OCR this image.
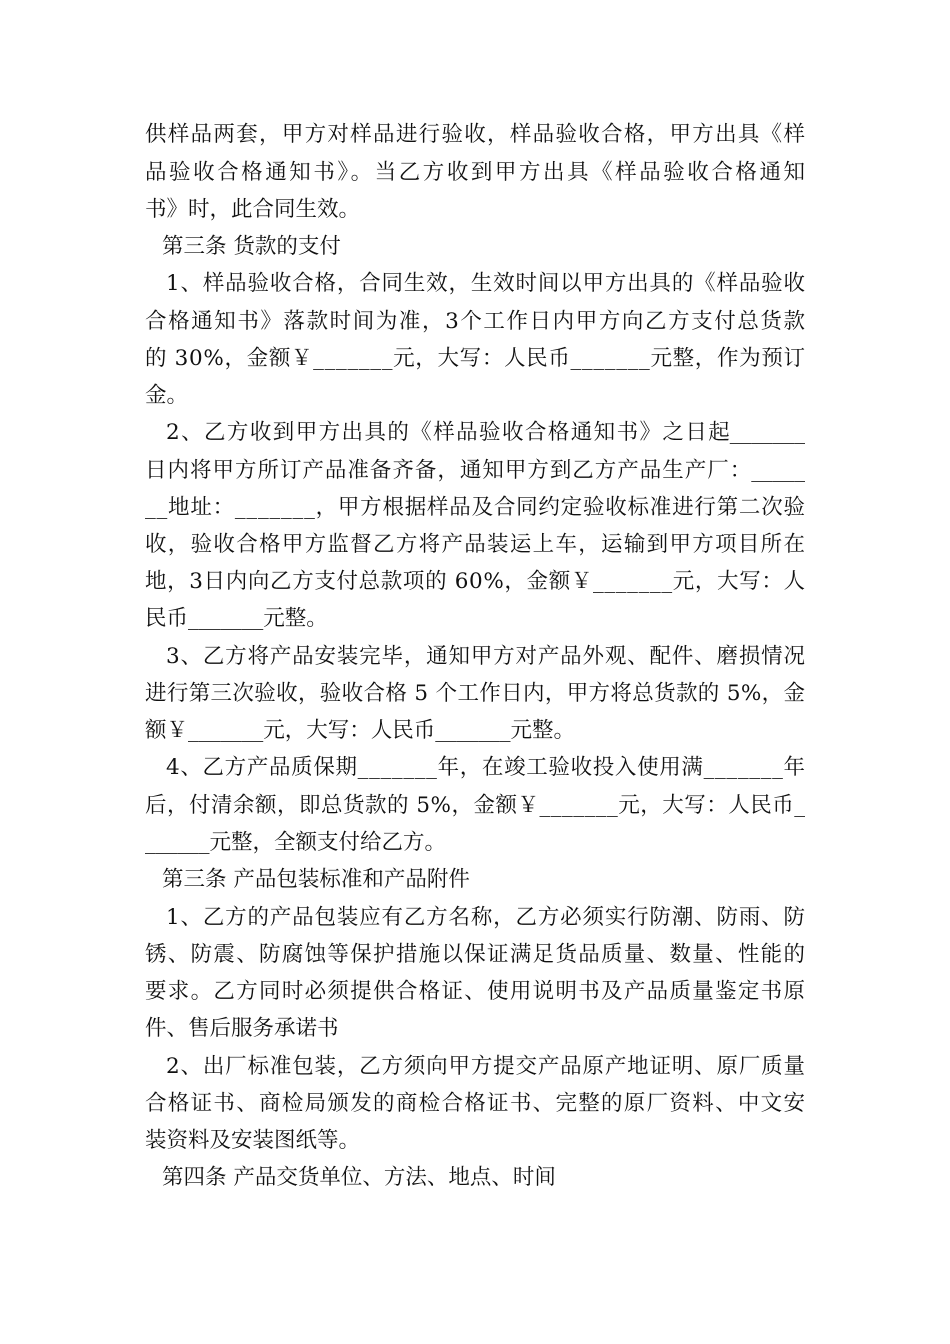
供样品两套，甲方对样品进行验收，样品验收合格，甲方出具《样
品验收合格通知书》。当乙方收到甲方出具《样品验收合格通知
书》时，此合同生效。
第三条 货款的支付
1、样品验收合格，合同生效，生效时间以甲方出具的《样品验收
合格通知书》落款时间为准，3个工作日内甲方向乙方支付总货款
的 30%，金额￥_______元，大写：人民币_______元整，作为预订
金。
2、乙方收到甲方出具的《样品验收合格通知书》之日起
_______
日内将甲方所订产品准备齐备，通知甲方到乙方产品生产厂： _____
__地址：_______，甲方根据样品及合同约定验收标准进行第二次验
收，验收合格甲方监督乙方将产品装运上车，运输到甲方项目所在
地，3日内向乙方支付总款项的 60%，金额￥_______元，大写：人
民币_______元整。
3、乙方将产品安装完毕，通知甲方对产品外观、配件、磨损情况
进行第三次验收，验收合格 5 个工作日内，甲方将总货款的 5%，金
额￥_______元，大写：人民币_______元整。
4、乙方产品质保期_______年，在竣工验收投入使用满_______年
后，付清余额，即总货款的 5%，金额￥_______元，大写：人民币_
______元整，全额支付给乙方。
第三条 产品包装标准和产品附件
1、乙方的产品包装应有乙方名称，乙方必须实行防潮、防雨、防
锈、防震、防腐蚀等保护措施以保证满足货品质量、数量、性能的
要求。乙方同时必须提供合格证、使用说明书及产品质量鉴定书原
件、售后服务承诺书
2、出厂标准包装，乙方须向甲方提交产品原产地证明、原厂质量
合格证书、商检局颁发的商检合格证书、完整的原厂资料、中文安
装资料及安装图纸等。
第四条 产品交货单位、方法、地点、时间
